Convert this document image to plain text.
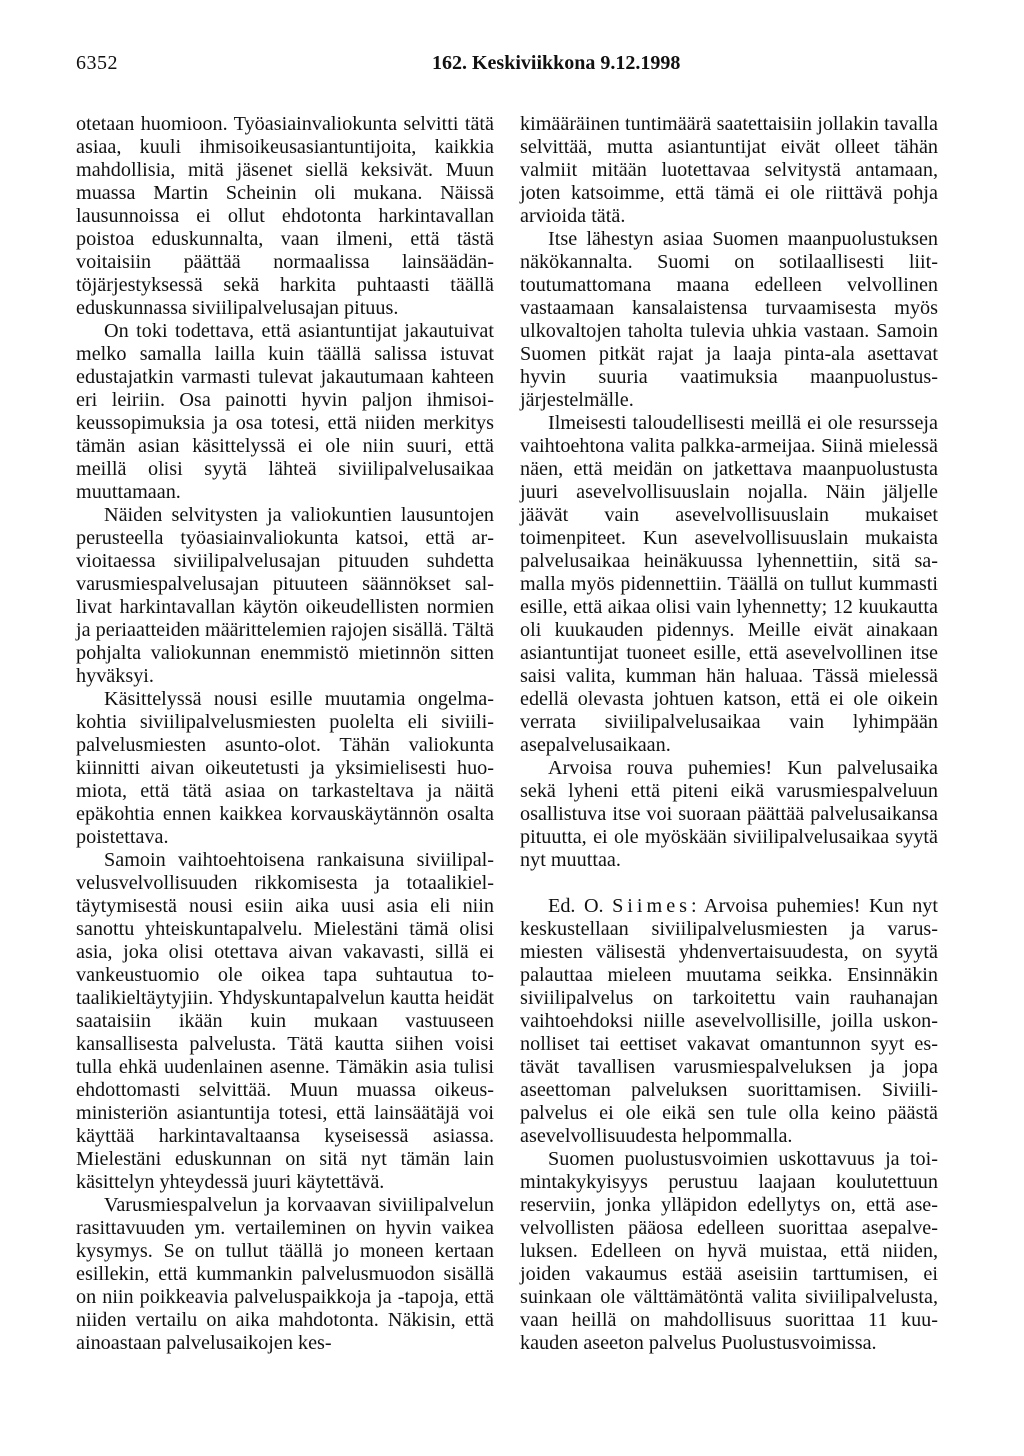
6352	162. Keskiviikkona 9.12.1998

otetaan huomioon. Työasiainvaliokunta selvitti tätä asiaa, kuuli ihmisoikeusasiantuntijoita, kaikkia mahdollisia, mitä jäsenet siellä keksivät. Muun muassa Martin Scheinin oli mukana. Näissä lausunnoissa ei ollut ehdotonta harkintavallan poistoa eduskunnalta, vaan ilmeni, että tästä voitaisiin päättää normaalissa lainsäädäntöjärjestyksessä sekä harkita puhtaasti täällä eduskunnassa siviilipalvelusajan pituus.

On toki todettava, että asiantuntijat jakautuivat melko samalla lailla kuin täällä salissa istuvat edustajatkin varmasti tulevat jakautumaan kahteen eri leiriin. Osa painotti hyvin paljon ihmisoikeussopimuksia ja osa totesi, että niiden merkitys tämän asian käsittelyssä ei ole niin suuri, että meillä olisi syytä lähteä siviilipalvelusaikaa muuttamaan.

Näiden selvitysten ja valiokuntien lausuntojen perusteella työasiainvaliokunta katsoi, että arvioitaessa siviilipalvelusajan pituuden suhdetta varusmiespalvelusajan pituuteen säännökset sallivat harkintavallan käytön oikeudellisten normien ja periaatteiden määrittelemien rajojen sisällä. Tältä pohjalta valiokunnan enemmistö mietinnön sitten hyväksyi.

Käsittelyssä nousi esille muutamia ongelmakohtia siviilipalvelusmiesten puolelta eli siviilipalvelusmiesten asunto-olot. Tähän valiokunta kiinnitti aivan oikeutetusti ja yksimielisesti huomiota, että tätä asiaa on tarkasteltava ja näitä epäkohtia ennen kaikkea korvauskäytännön osalta poistettava.

Samoin vaihtoehtoisena rankaisuna siviilipalvelusvelvollisuuden rikkomisesta ja totaalikieltäytymisestä nousi esiin aika uusi asia eli niin sanottu yhteiskuntapalvelu. Mielestäni tämä olisi asia, joka olisi otettava aivan vakavasti, sillä ei vankeustuomio ole oikea tapa suhtautua totaalikieltäytyjiin. Yhdyskuntapalvelun kautta heidät saataisiin ikään kuin mukaan vastuuseen kansallisesta palvelusta. Tätä kautta siihen voisi tulla ehkä uudenlainen asenne. Tämäkin asia tulisi ehdottomasti selvittää. Muun muassa oikeusministeriön asiantuntija totesi, että lainsäätäjä voi käyttää harkintavaltaansa kyseisessä asiassa. Mielestäni eduskunnan on sitä nyt tämän lain käsittelyn yhteydessä juuri käytettävä.

Varusmiespalvelun ja korvaavan siviilipalvelun rasittavuuden ym. vertaileminen on hyvin vaikea kysymys. Se on tullut täällä jo moneen kertaan esillekin, että kummankin palvelusmuodon sisällä on niin poikkeavia palveluspaikkoja ja -tapoja, että niiden vertailu on aika mahdotonta. Näkisin, että ainoastaan palvelusaikojen kes-

kimääräinen tuntimäärä saatettaisiin jollakin tavalla selvittää, mutta asiantuntijat eivät olleet tähän valmiit mitään luotettavaa selvitystä antamaan, joten katsoimme, että tämä ei ole riittävä pohja arvioida tätä.

Itse lähestyn asiaa Suomen maanpuolustuksen näkökannalta. Suomi on sotilaallisesti liittoutumattomana maana edelleen velvollinen vastaamaan kansalaistensa turvaamisesta myös ulkovaltojen taholta tulevia uhkia vastaan. Samoin Suomen pitkät rajat ja laaja pinta-ala asettavat hyvin suuria vaatimuksia maanpuolustusjärjestelmälle.

Ilmeisesti taloudellisesti meillä ei ole resursseja vaihtoehtona valita palkka-armeijaa. Siinä mielessä näen, että meidän on jatkettava maanpuolustusta juuri asevelvollisuuslain nojalla. Näin jäljelle jäävät vain asevelvollisuuslain mukaiset toimenpiteet. Kun asevelvollisuuslain mukaista palvelusaikaa heinäkuussa lyhennettiin, sitä samalla myös pidennettiin. Täällä on tullut kummasti esille, että aikaa olisi vain lyhennetty; 12 kuukautta oli kuukauden pidennys. Meille eivät ainakaan asiantuntijat tuoneet esille, että asevelvollinen itse saisi valita, kumman hän haluaa. Tässä mielessä edellä olevasta johtuen katson, että ei ole oikein verrata siviilipalvelusaikaa vain lyhimpään asepalvelusaikaan.

Arvoisa rouva puhemies! Kun palvelusaika sekä lyheni että piteni eikä varusmiespalveluun osallistuva itse voi suoraan päättää palvelusaikansa pituutta, ei ole myöskään siviilipalvelusaikaa syytä nyt muuttaa.

Ed. O. Siimes: Arvoisa puhemies! Kun nyt keskustellaan siviilipalvelusmiesten ja varusmiesten välisestä yhdenvertaisuudesta, on syytä palauttaa mieleen muutama seikka. Ensinnäkin siviilipalvelus on tarkoitettu vain rauhanajan vaihtoehdoksi niille asevelvollisille, joilla uskonnolliset tai eettiset vakavat omantunnon syyt estävät tavallisen varusmiespalveluksen ja jopa aseettoman palveluksen suorittamisen. Siviilipalvelus ei ole eikä sen tule olla keino päästä asevelvollisuudesta helpommalla.

Suomen puolustusvoimien uskottavuus ja toimintakykyisyys perustuu laajaan koulutettuun reserviin, jonka ylläpidon edellytys on, että asevelvollisten pääosa edelleen suorittaa asepalveluksen. Edelleen on hyvä muistaa, että niiden, joiden vakaumus estää aseisiin tarttumisen, ei suinkaan ole välttämätöntä valita siviilipalvelusta, vaan heillä on mahdollisuus suorittaa 11 kuukauden aseeton palvelus Puolustusvoimissa.
